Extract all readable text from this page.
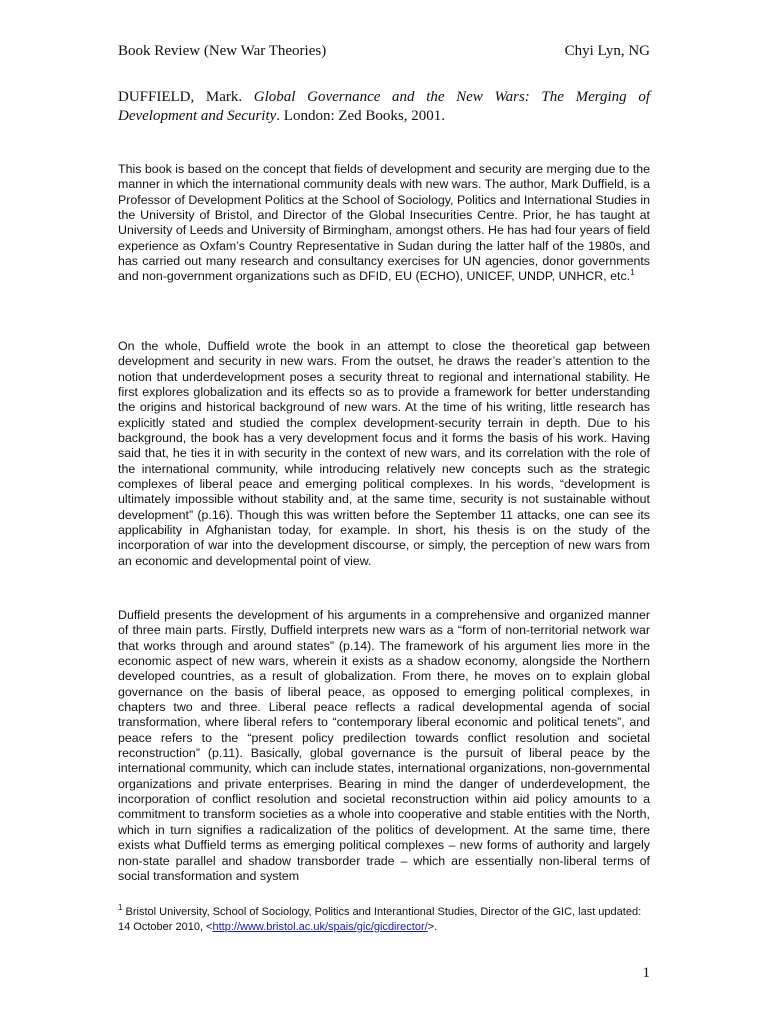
Book Review (New War Theories)	Chyi Lyn, NG
DUFFIELD, Mark. Global Governance and the New Wars: The Merging of Development and Security. London: Zed Books, 2001.

This book is based on the concept that fields of development and security are merging due to the manner in which the international community deals with new wars. The author, Mark Duffield, is a Professor of Development Politics at the School of Sociology, Politics and International Studies in the University of Bristol, and Director of the Global Insecurities Centre. Prior, he has taught at University of Leeds and University of Birmingham, amongst others. He has had four years of field experience as Oxfam’s Country Representative in Sudan during the latter half of the 1980s, and has carried out many research and consultancy exercises for UN agencies, donor governments and non-government organizations such as DFID, EU (ECHO), UNICEF, UNDP, UNHCR, etc.$^1$

On the whole, Duffield wrote the book in an attempt to close the theoretical gap between development and security in new wars. From the outset, he draws the reader’s attention to the notion that underdevelopment poses a security threat to regional and international stability. He first explores globalization and its effects so as to provide a framework for better understanding the origins and historical background of new wars. At the time of his writing, little research has explicitly stated and studied the complex development-security terrain in depth. Due to his background, the book has a very development focus and it forms the basis of his work. Having said that, he ties it in with security in the context of new wars, and its correlation with the role of the international community, while introducing relatively new concepts such as the strategic complexes of liberal peace and emerging political complexes. In his words, “development is ultimately impossible without stability and, at the same time, security is not sustainable without development” (p.16). Though this was written before the September 11 attacks, one can see its applicability in Afghanistan today, for example. In short, his thesis is on the study of the incorporation of war into the development discourse, or simply, the perception of new wars from an economic and developmental point of view.

Duffield presents the development of his arguments in a comprehensive and organized manner of three main parts. Firstly, Duffield interprets new wars as a “form of non-territorial network war that works through and around states” (p.14). The framework of his argument lies more in the economic aspect of new wars, wherein it exists as a shadow economy, alongside the Northern developed countries, as a result of globalization. From there, he moves on to explain global governance on the basis of liberal peace, as opposed to emerging political complexes, in chapters two and three. Liberal peace reflects a radical developmental agenda of social transformation, where liberal refers to “contemporary liberal economic and political tenets”, and peace refers to the “present policy predilection towards conflict resolution and societal reconstruction” (p.11). Basically, global governance is the pursuit of liberal peace by the international community, which can include states, international organizations, non-governmental organizations and private enterprises. Bearing in mind the danger of underdevelopment, the incorporation of conflict resolution and societal reconstruction within aid policy amounts to a commitment to transform societies as a whole into cooperative and stable entities with the North, which in turn signifies a radicalization of the politics of development. At the same time, there exists what Duffield terms as emerging political complexes – new forms of authority and largely non-state parallel and shadow transborder trade – which are essentially non-liberal terms of social transformation and system

$^1$ Bristol University, School of Sociology, Politics and Interantional Studies, Director of the GIC, last updated: 14 October 2010, <http://www.bristol.ac.uk/spais/gic/gicdirector/>.
1
